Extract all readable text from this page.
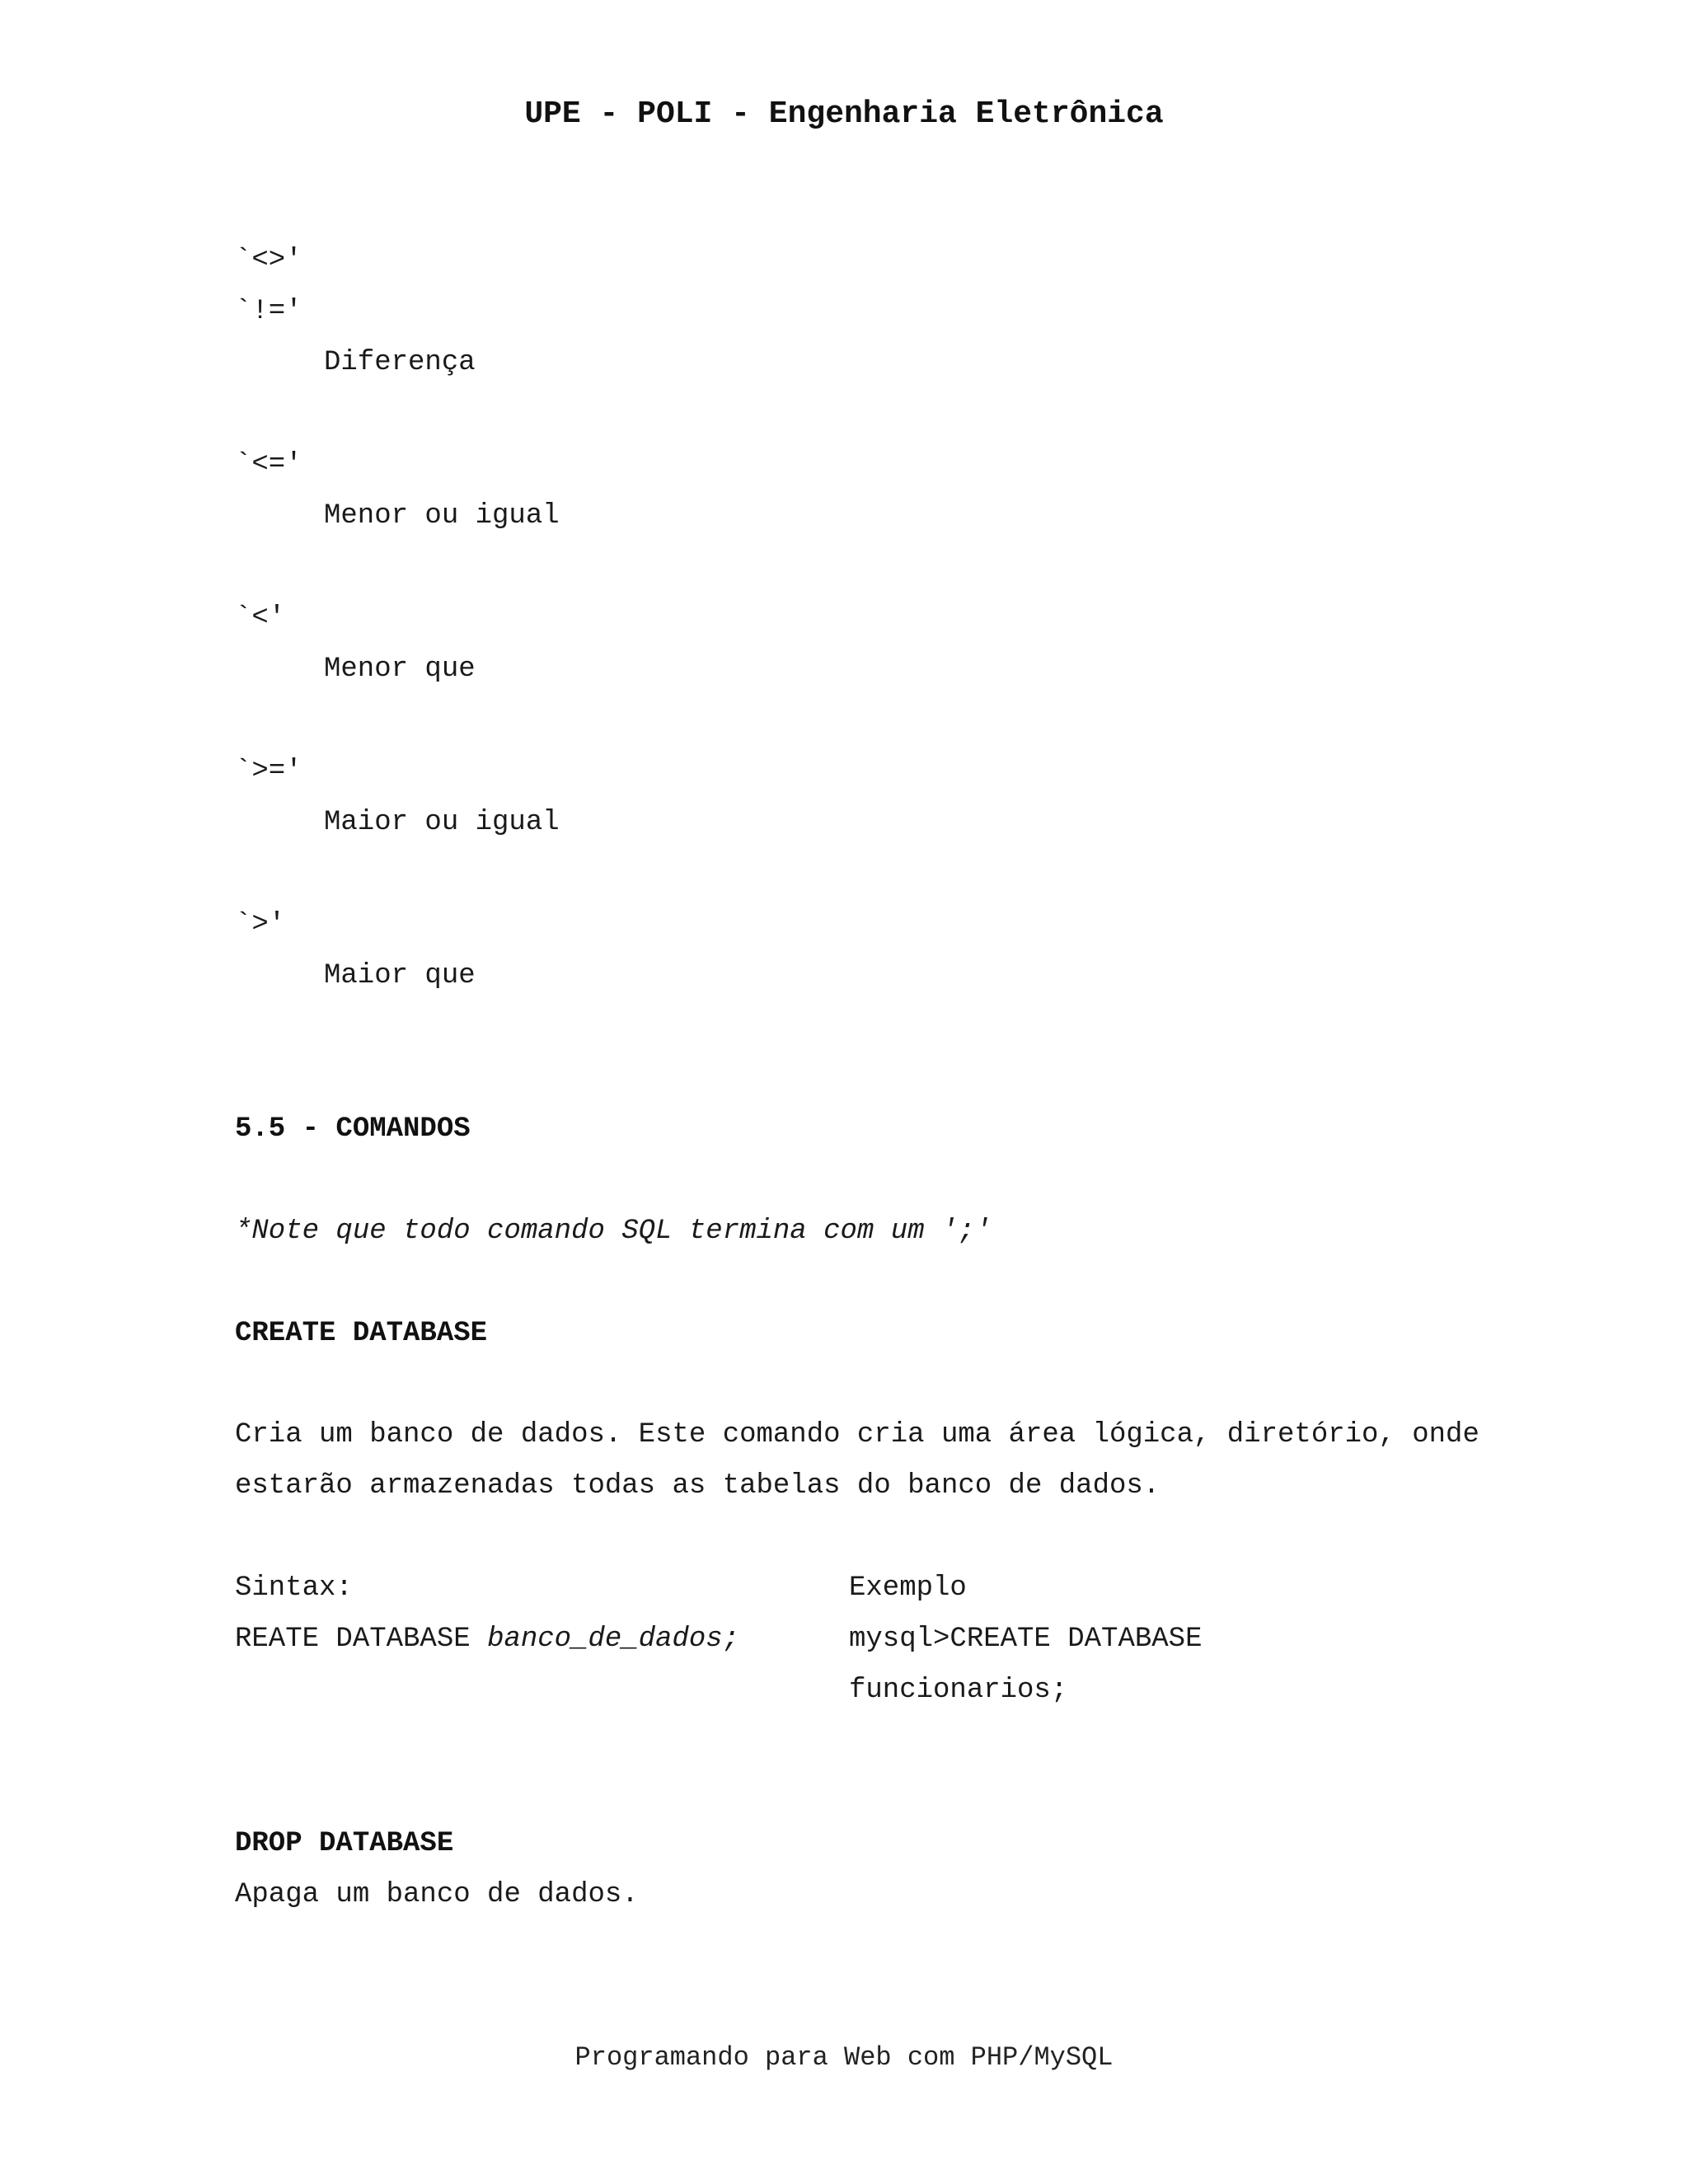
UPE - POLI - Engenharia Eletrônica
`<>'
`!='
Diferença
`<='
Menor ou igual
`<'
Menor que
`>='
Maior ou igual
`>'
Maior que
5.5 - COMANDOS
*Note que todo comando SQL termina com um ';'
CREATE DATABASE
Cria um banco de dados. Este comando cria uma área lógica, diretório, onde
estarão armazenadas todas as tabelas do banco de dados.
Sintax:	Exemplo
REATE DATABASE banco_de_dados;	mysql>CREATE DATABASE
funcionarios;
DROP DATABASE
Apaga um banco de dados.
Programando para Web com PHP/MySQL
